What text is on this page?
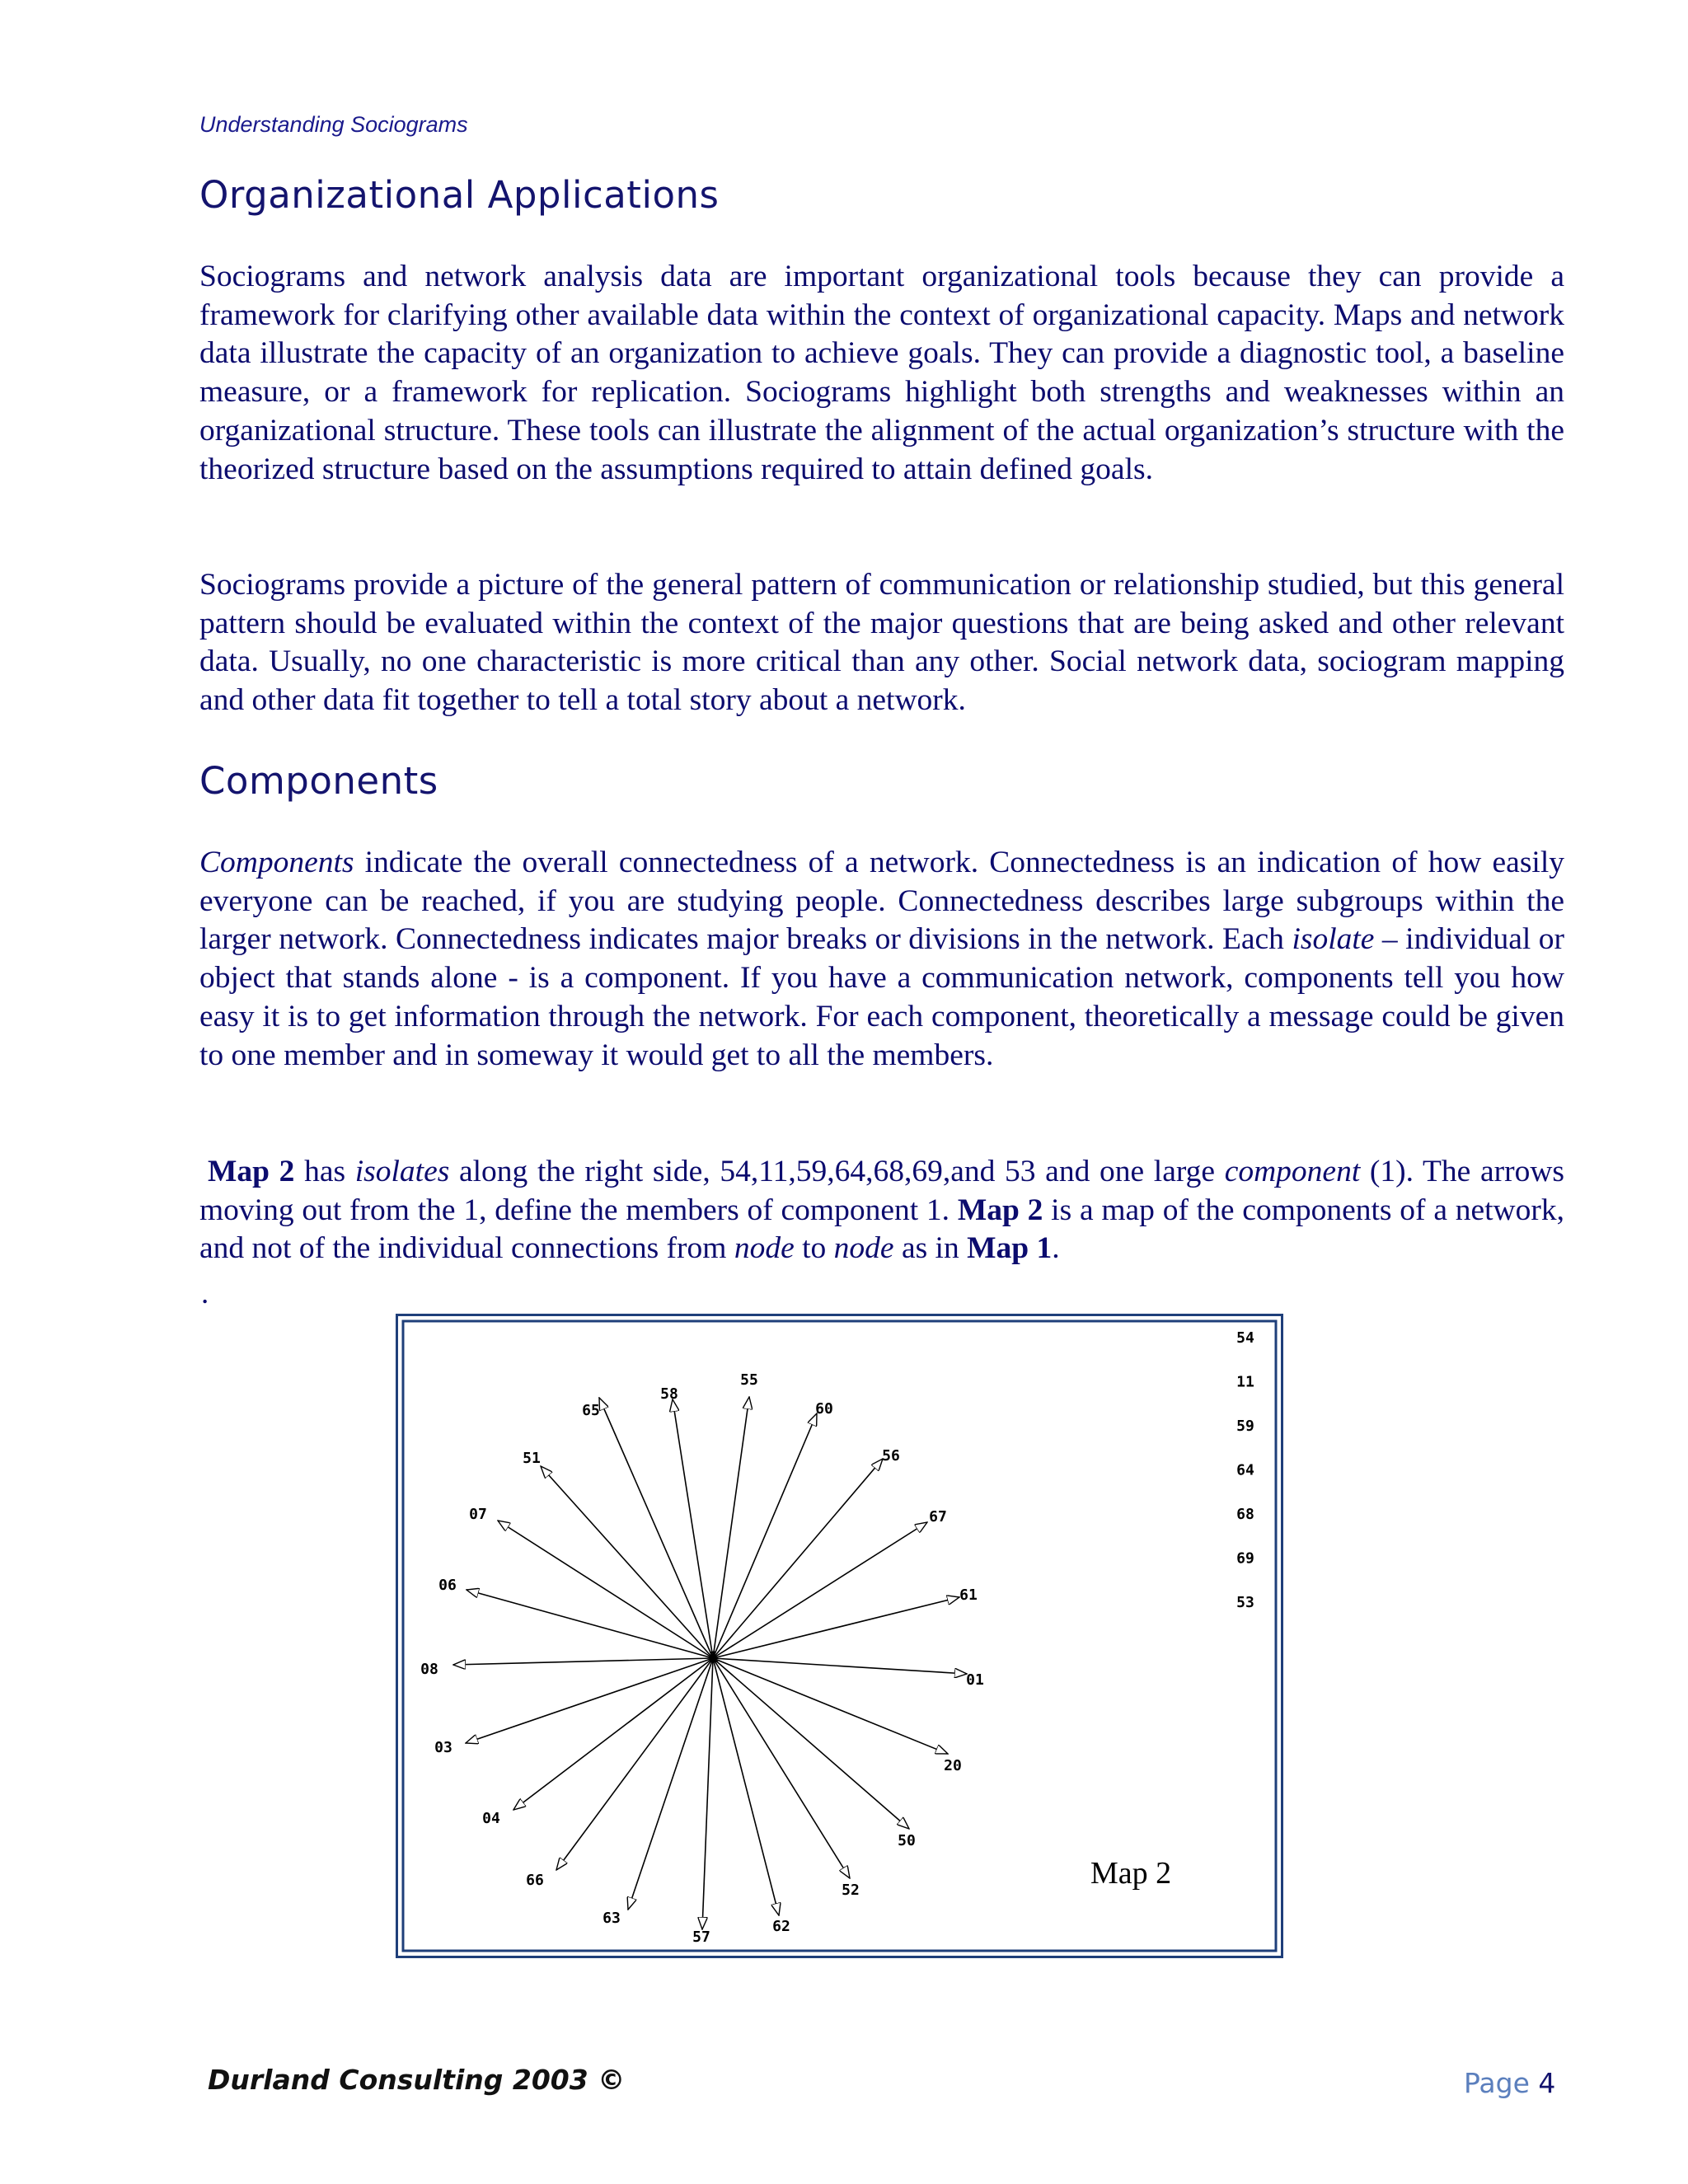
Understanding Sociograms
Organizational Applications

Sociograms and network analysis data are important organizational tools because they can provide a framework for clarifying other available data within the context of organizational capacity. Maps and network data illustrate the capacity of an organization to achieve goals. They can provide a diagnostic tool, a baseline measure, or a framework for replication. Sociograms highlight both strengths and weaknesses within an organizational structure. These tools can illustrate the alignment of the actual organization’s structure with the theorized structure based on the assumptions required to attain defined goals.

Sociograms provide a picture of the general pattern of communication or relationship studied, but this general pattern should be evaluated within the context of the major questions that are being asked and other relevant data. Usually, no one characteristic is more critical than any other. Social network data, sociogram mapping and other data fit together to tell a total story about a network.

Components

Components indicate the overall connectedness of a network. Connectedness is an indication of how easily everyone can be reached, if you are studying people. Connectedness describes large subgroups within the larger network. Connectedness indicates major breaks or divisions in the network. Each isolate – individual or object that stands alone - is a component. If you have a communication network, components tell you how easy it is to get information through the network. For each component, theoretically a message could be given to one member and in someway it would get to all the members.

Map 2 has isolates along the right side, 54,11,59,64,68,69,and 53 and one large component (1). The arrows moving out from the 1, define the members of component 1. Map 2 is a map of the components of a network, and not of the individual connections from node to node as in Map 1.

.
65
58
55
60
56
51
67
07
61
06
08
01
03
20
04
50
66
52
63	62
57
54
11
59
64
68
69
53
1
Map 2
Durland Consulting 2003 ©	Page 4
